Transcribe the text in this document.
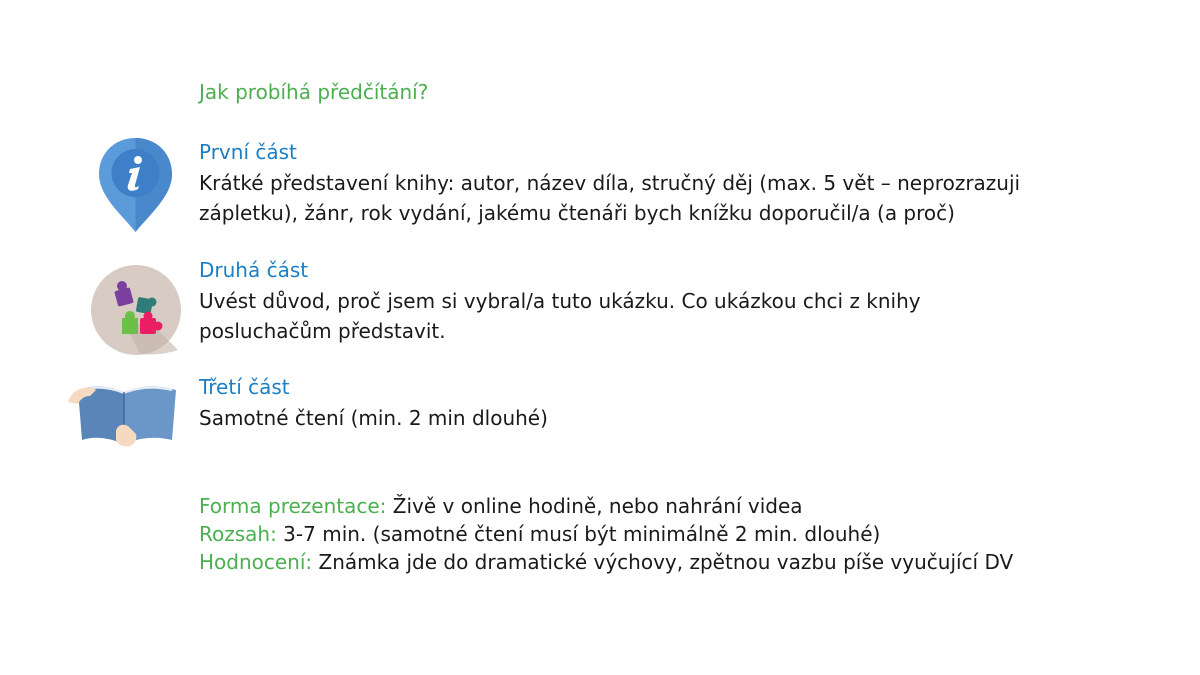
Jak probíhá předčítání?
První část
Krátké představení knihy: autor, název díla, stručný děj (max. 5 vět – neprozrazuji
zápletku), žánr, rok vydání, jakému čtenáři bych knížku doporučil/a (a proč)
Druhá část
Uvést důvod, proč jsem si vybral/a tuto ukázku. Co ukázkou chci z knihy
posluchačům představit.
Třetí část
Samotné čtení (min. 2 min dlouhé)
Forma prezentace: Živě v online hodině, nebo nahrání videa
Rozsah: 3-7 min. (samotné čtení musí být minimálně 2 min. dlouhé)
Hodnocení: Známka jde do dramatické výchovy, zpětnou vazbu píše vyučující DV
